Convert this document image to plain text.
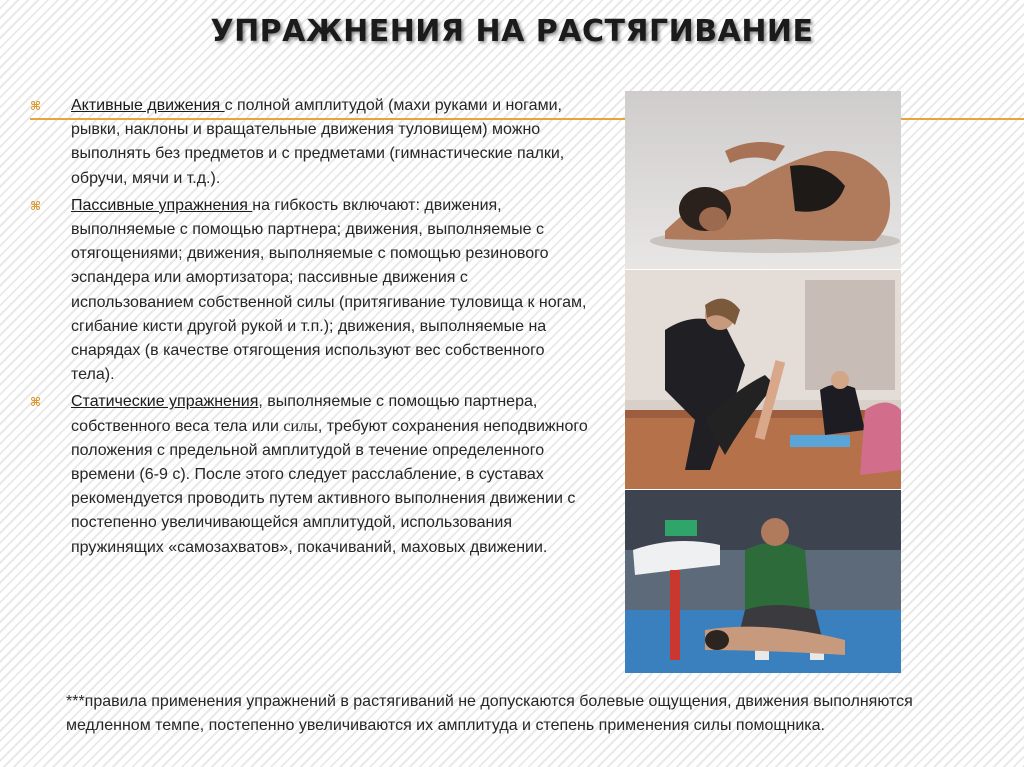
УПРАЖНЕНИЯ НА РАСТЯГИВАНИЕ
⌘ Активные движения с полной амплитудой (махи руками и ногами, рывки, наклоны и вращательные движения туловищем) можно выполнять без предметов и с предметами (гимнастические палки, обручи, мячи и т.д.).
⌘ Пассивные упражнения на гибкость включают: движения, выполняемые с помощью партнера; движения, выполняемые с отягощениями; движения, выполняемые с помощью резинового эспандера или амортизатора; пассивные движения с использованием собственной силы (притягивание туловища к ногам, сгибание кисти другой рукой и т.п.); движения, выполняемые на снарядах (в качестве отягощения используют вес собственного тела).
⌘ Статические упражнения, выполняемые с помощью партнера, собственного веса тела или силы, требуют сохранения неподвижного положения с предельной амплитудой в течение определенного времени (6-9 с). После этого следует расслабление, в суставах рекомендуется проводить путем активного выполнения движении с постепенно увеличивающейся амплитудой, использования пружинящих «самозахватов», покачиваний, маховых движении.
***правила применения упражнений в растягиваний не допускаются болевые ощущения, движения выполняются медленном темпе, постепенно увеличиваются их амплитуда и степень применения силы помощника.
